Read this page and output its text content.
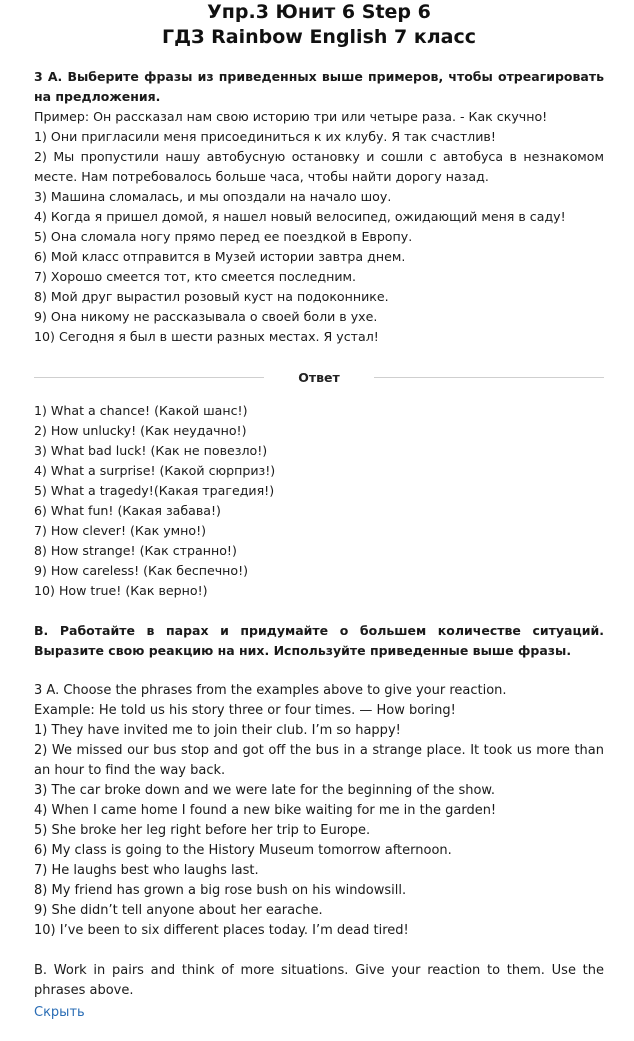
Упр.3 Юнит 6 Step 6
ГДЗ Rainbow English 7 класс
3 А. Выберите фразы из приведенных выше примеров, чтобы отреагировать на предложения.
Пример: Он рассказал нам свою историю три или четыре раза. - Как скучно!
1) Они пригласили меня присоединиться к их клубу. Я так счастлив!
2) Мы пропустили нашу автобусную остановку и сошли с автобуса в незнакомом месте. Нам потребовалось больше часа, чтобы найти дорогу назад.
3) Машина сломалась, и мы опоздали на начало шоу.
4) Когда я пришел домой, я нашел новый велосипед, ожидающий меня в саду!
5) Она сломала ногу прямо перед ее поездкой в Европу.
6) Мой класс отправится в Музей истории завтра днем.
7) Хорошо смеется тот, кто смеется последним.
8) Мой друг вырастил розовый куст на подоконнике.
9) Она никому не рассказывала о своей боли в ухе.
10) Сегодня я был в шести разных местах. Я устал!
Ответ
1) What a chance! (Какой шанс!)
2) How unlucky! (Как неудачно!)
3) What bad luck! (Как не повезло!)
4) What a surprise! (Какой сюрприз!)
5) What a tragedy!(Какая трагедия!)
6) What fun! (Какая забава!)
7) How clever! (Как умно!)
8) How strange! (Как странно!)
9) How careless! (Как беспечно!)
10) How true! (Как верно!)
В. Работайте в парах и придумайте о большем количестве ситуаций. Выразите свою реакцию на них. Используйте приведенные выше фразы.
3 A. Choose the phrases from the examples above to give your reaction.
Example: He told us his story three or four times. — How boring!
1) They have invited me to join their club. I’m so happy!
2) We missed our bus stop and got off the bus in a strange place. It took us more than an hour to find the way back.
3) The car broke down and we were late for the beginning of the show.
4) When I came home I found a new bike waiting for me in the garden!
5) She broke her leg right before her trip to Europe.
6) My class is going to the History Museum tomorrow afternoon.
7) He laughs best who laughs last.
8) My friend has grown a big rose bush on his windowsill.
9) She didn’t tell anyone about her earache.
10) I’ve been to six different places today. I’m dead tired!
B. Work in pairs and think of more situations. Give your reaction to them. Use the phrases above.
Скрыть
